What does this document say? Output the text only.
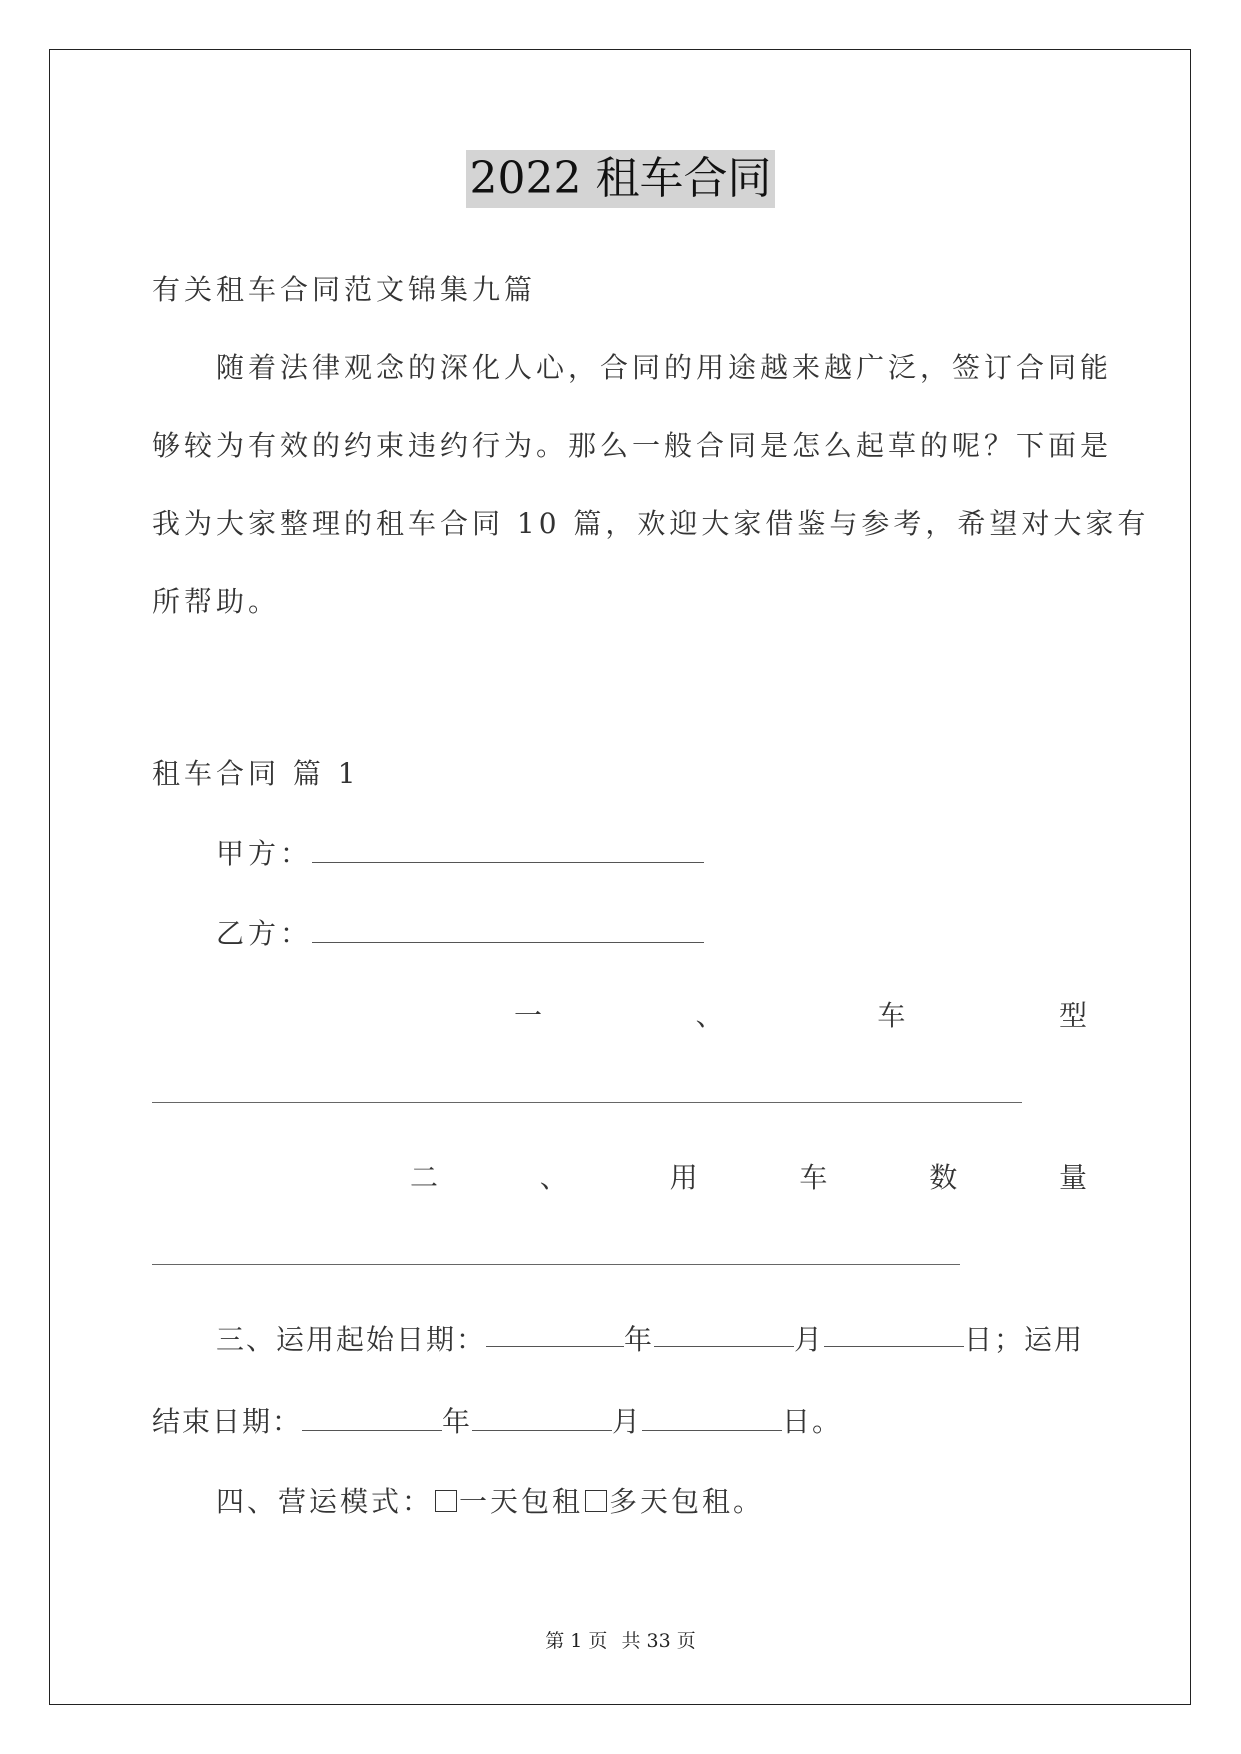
2022 租车合同
有关租车合同范文锦集九篇
随着法律观念的深化人心，合同的用途越来越广泛，签订合同能
够较为有效的约束违约行为。那么一般合同是怎么起草的呢？下面是
我为大家整理的租车合同 10 篇，欢迎大家借鉴与参考，希望对大家有
所帮助。
租车合同 篇 1
甲方：
乙方：
一	、	车	型
二	、	用	车	数	量
三、运用起始日期：	年	月	日；运用
结束日期：	年	月	日。
四、营运模式： 一天包租 多天包租。
第 1 页 共 33 页
